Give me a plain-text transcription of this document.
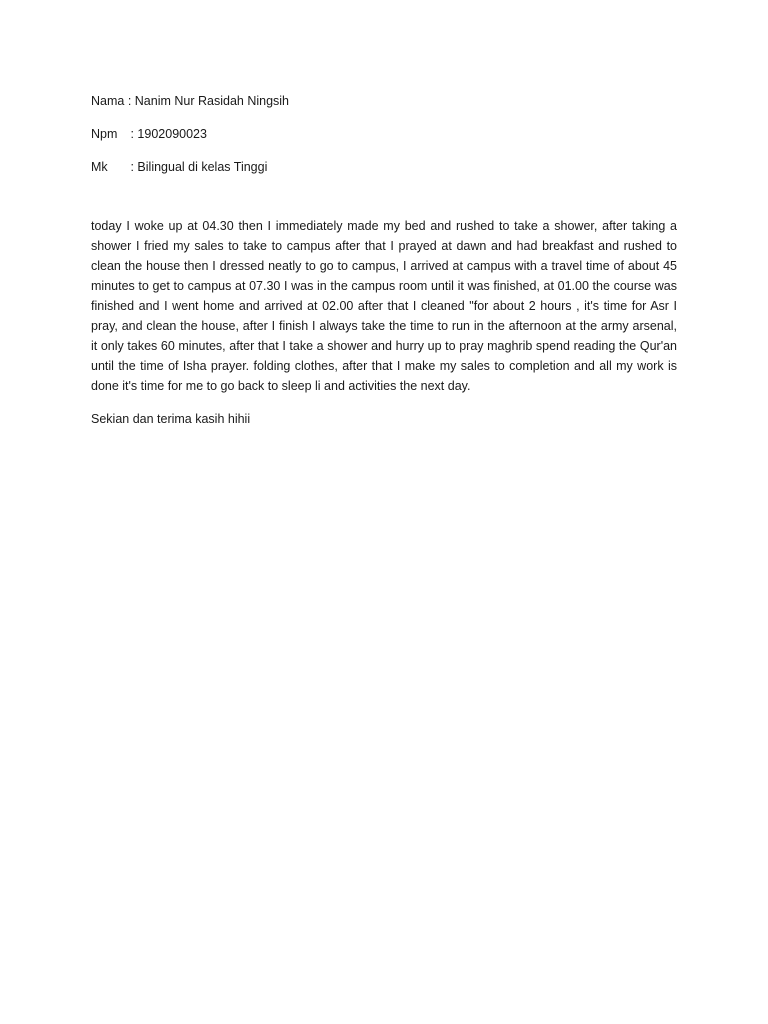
Nama : Nanim Nur Rasidah Ningsih
Npm : 1902090023
Mk : Bilingual di kelas Tinggi

today I woke up at 04.30 then I immediately made my bed and rushed to take a shower, after taking a shower I fried my sales to take to campus after that I prayed at dawn and had breakfast and rushed to clean the house then I dressed neatly to go to campus, I arrived at campus with a travel time of about 45 minutes to get to campus at 07.30 I was in the campus room until it was finished, at 01.00 the course was finished and I went home and arrived at 02.00 after that I cleaned "for about 2 hours , it's time for Asr I pray, and clean the house, after I finish I always take the time to run in the afternoon at the army arsenal, it only takes 60 minutes, after that I take a shower and hurry up to pray maghrib spend reading the Qur'an until the time of Isha prayer. folding clothes, after that I make my sales to completion and all my work is done it's time for me to go back to sleep li and activities the next day.

Sekian dan terima kasih hihii
